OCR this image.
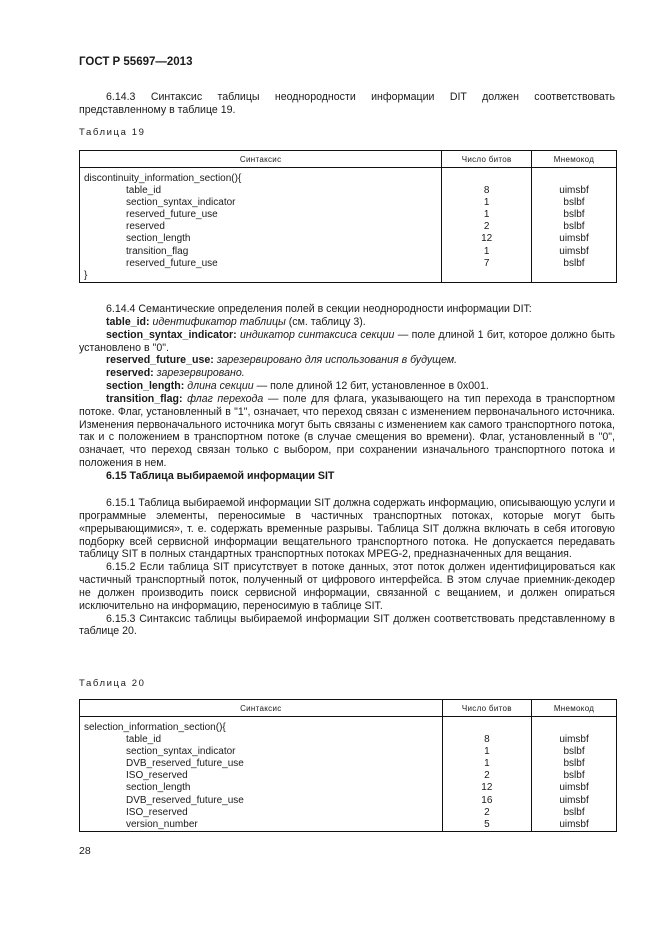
ГОСТ Р 55697—2013

6.14.3 Синтаксис таблицы неоднородности информации DIT должен соответствовать представленному в таблице 19.

Таблица 19
Синтаксис	Число битов	Мнемокод
discontinuity_information_section(){		
table_id	8	uimsbf
section_syntax_indicator	1	bslbf
reserved_future_use	1	bslbf
reserved	2	bslbf
section_length	12	uimsbf
transition_flag	1	uimsbf
reserved_future_use	7	bslbf
}		

6.14.4 Семантические определения полей в секции неоднородности информации DIT:

table_id: идентификатор таблицы (см. таблицу 3).

section_syntax_indicator: индикатор синтаксиса секции — поле длиной 1 бит, которое должно быть установлено в "0".

reserved_future_use: зарезервировано для использования в будущем.

reserved: зарезервировано.

section_length: длина секции — поле длиной 12 бит, установленное в 0x001.

transition_flag: флаг перехода — поле для флага, указывающего на тип перехода в транспортном потоке. Флаг, установленный в "1", означает, что переход связан с изменением первоначального источника. Изменения первоначального источника могут быть связаны с изменением как самого транспортного потока, так и с положением в транспортном потоке (в случае смещения во времени). Флаг, установленный в "0", означает, что переход связан только с выбором, при сохранении изначального транспортного потока и положения в нем.

6.15 Таблица выбираемой информации SIT

6.15.1 Таблица выбираемой информации SIT должна содержать информацию, описывающую услуги и программные элементы, переносимые в частичных транспортных потоках, которые могут быть «прерывающимися», т. е. содержать временные разрывы. Таблица SIT должна включать в себя итоговую подборку всей сервисной информации вещательного транспортного потока. Не допускается передавать таблицу SIT в полных стандартных транспортных потоках MPEG-2, предназначенных для вещания.

6.15.2 Если таблица SIT присутствует в потоке данных, этот поток должен идентифицироваться как частичный транспортный поток, полученный от цифрового интерфейса. В этом случае приемник-декодер не должен производить поиск сервисной информации, связанной с вещанием, и должен опираться исключительно на информацию, переносимую в таблице SIT.

6.15.3 Синтаксис таблицы выбираемой информации SIT должен соответствовать представленному в таблице 20.

Таблица 20
Синтаксис	Число битов	Мнемокод
selection_information_section(){		
table_id	8	uimsbf
section_syntax_indicator	1	bslbf
DVB_reserved_future_use	1	bslbf
ISO_reserved	2	bslbf
section_length	12	uimsbf
DVB_reserved_future_use	16	uimsbf
ISO_reserved	2	bslbf
version_number	5	uimsbf
28
